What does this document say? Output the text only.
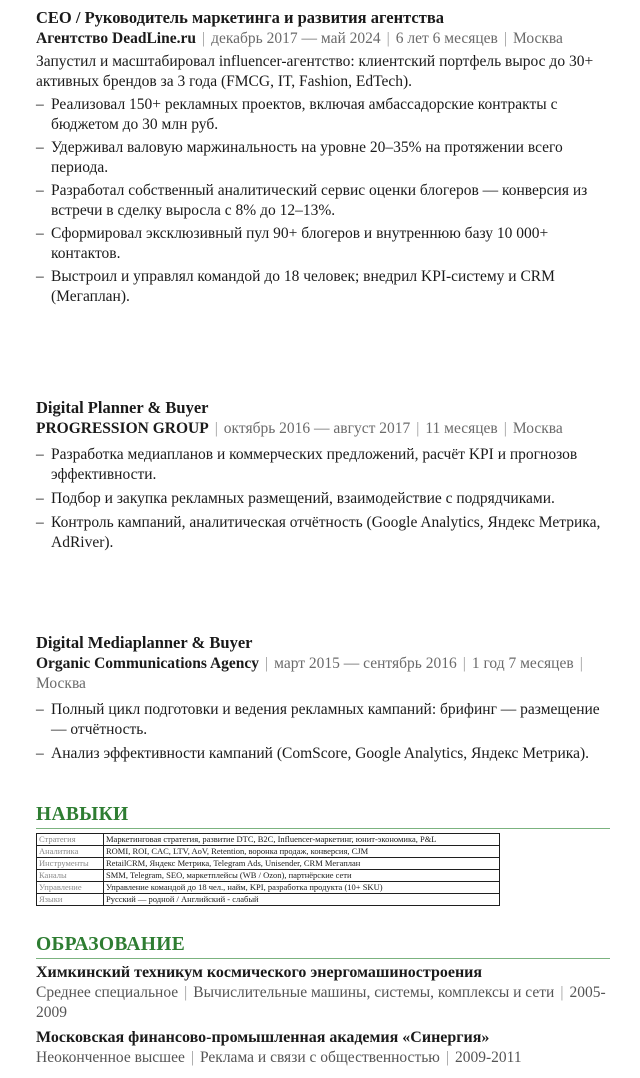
CEO / Руководитель маркетинга и развития агентства

Агентство DeadLine.ru | декабрь 2017 — май 2024 | 6 лет 6 месяцев | Москва

Запустил и масштабировал influencer-агентство: клиентский портфель вырос до 30+ активных брендов за 3 года (FMCG, IT, Fashion, EdTech).

– Реализовал 150+ рекламных проектов, включая амбассадорские контракты с бюджетом до 30 млн руб.
– Удерживал валовую маржинальность на уровне 20–35% на протяжении всего периода.
– Разработал собственный аналитический сервис оценки блогеров — конверсия из встречи в сделку выросла с 8% до 12–13%.
– Сформировал эксклюзивный пул 90+ блогеров и внутреннюю базу 10 000+ контактов.
– Выстроил и управлял командой до 18 человек; внедрил KPI-систему и CRM (Мегаплан).

Digital Planner & Buyer

PROGRESSION GROUP | октябрь 2016 — август 2017 | 11 месяцев | Москва

– Разработка медиапланов и коммерческих предложений, расчёт KPI и прогнозов эффективности.
– Подбор и закупка рекламных размещений, взаимодействие с подрядчиками.
– Контроль кампаний, аналитическая отчётность (Google Analytics, Яндекс Метрика, AdRiver).

Digital Mediaplanner & Buyer

Organic Communications Agency | март 2015 — сентябрь 2016 | 1 год 7 месяцев |Москва

– Полный цикл подготовки и ведения рекламных кампаний: брифинг — размещение — отчётность.
– Анализ эффективности кампаний (ComScore, Google Analytics, Яндекс Метрика).

НАВЫКИ

Стратегия	Маркетинговая стратегия, развитие DTC, B2C, Influencer-маркетинг, юнит-экономика, P&L
Аналитика	ROMI, ROI, CAC, LTV, AoV, Retention, воронка продаж, конверсия, CJM
Инструменты	RetailCRM, Яндекс Метрика, Telegram Ads, Unisender, CRM Мегаплан
Каналы	SMM, Telegram, SEO, маркетплейсы (WB / Ozon), партнёрские сети
Управление	Управление командой до 18 чел., найм, KPI, разработка продукта (10+ SKU)
Языки	Русский — родной / Английский - слабый

ОБРАЗОВАНИЕ

Химкинский техникум космического энергомашиностроения

Среднее специальное | Вычислительные машины, системы, комплексы и сети | 2005-2009

Московская финансово-промышленная академия «Синергия»

Неоконченное высшее | Реклама и связи с общественностью | 2009-2011
